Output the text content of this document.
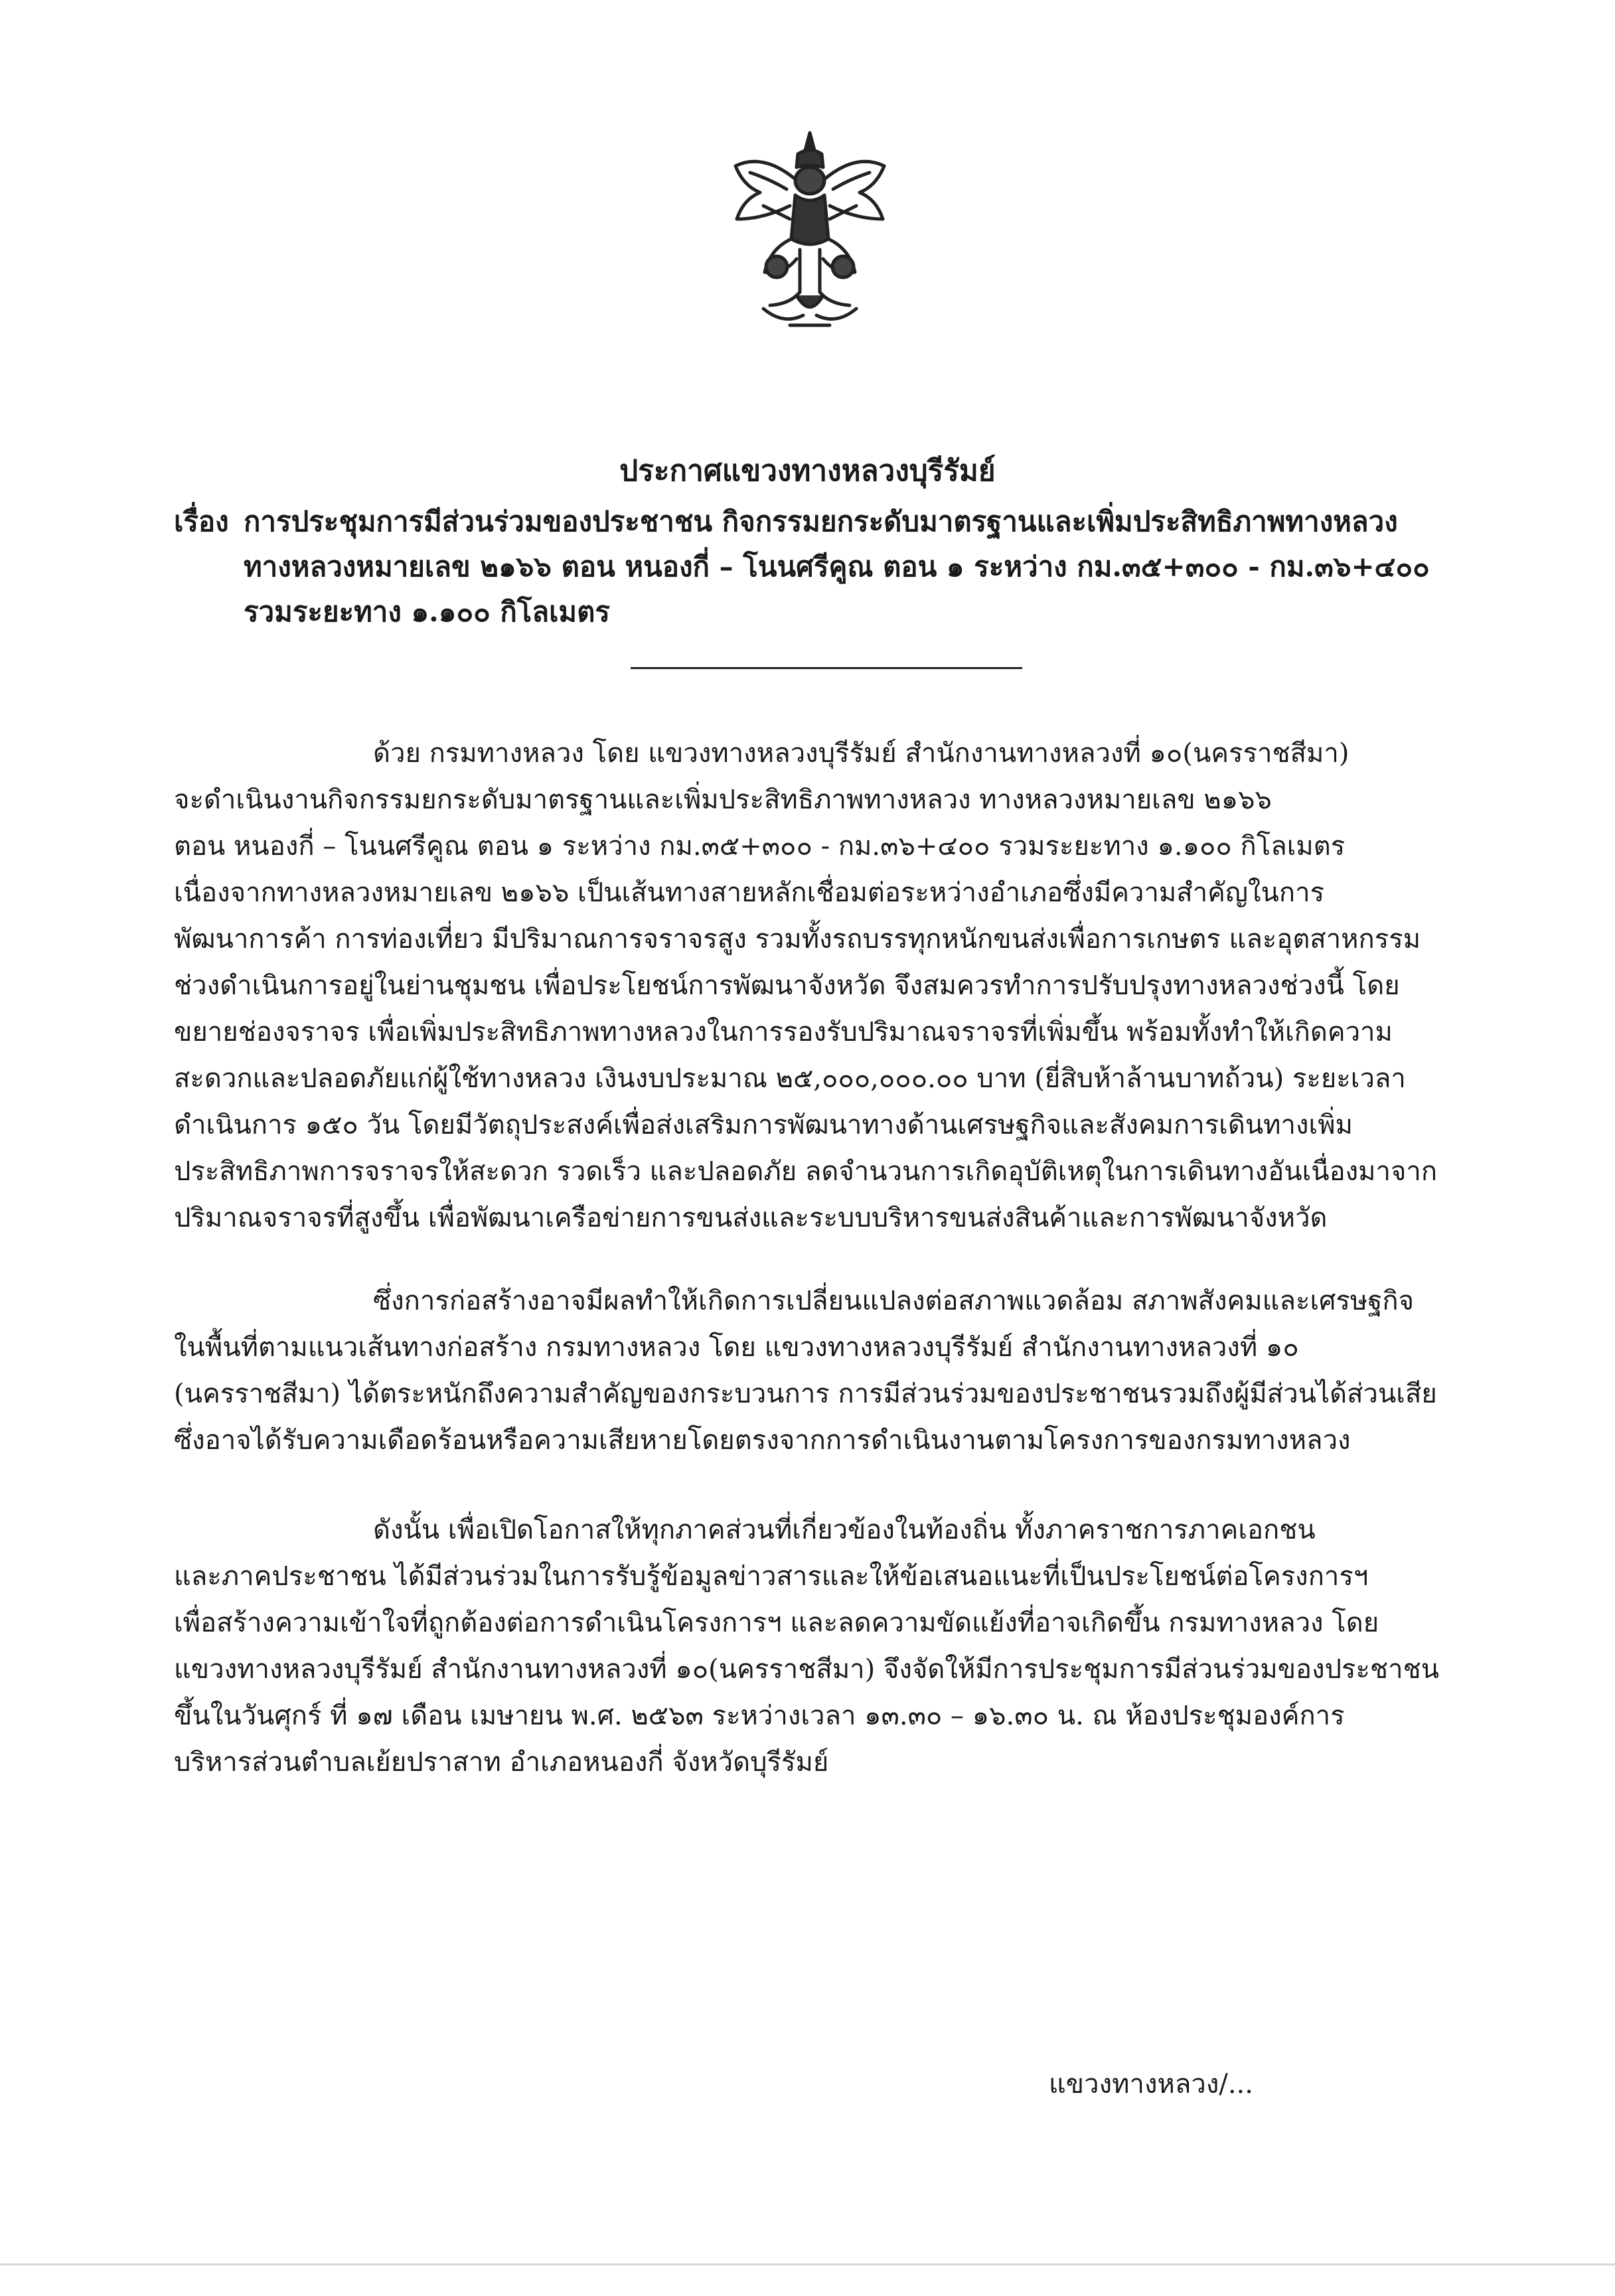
ประกาศแขวงทางหลวงบุรีรัมย์
เรื่อง การประชุมการมีส่วนร่วมของประชาชน กิจกรรมยกระดับมาตรฐานและเพิ่มประสิทธิภาพทางหลวง
ทางหลวงหมายเลข ๒๑๖๖ ตอน หนองกี่ – โนนศรีคูณ ตอน ๑ ระหว่าง กม.๓๕+๓๐๐ - กม.๓๖+๔๐๐
รวมระยะทาง ๑.๑๐๐ กิโลเมตร
ด้วย กรมทางหลวง โดย แขวงทางหลวงบุรีรัมย์ สำนักงานทางหลวงที่ ๑๐(นครราชสีมา)
จะดำเนินงานกิจกรรมยกระดับมาตรฐานและเพิ่มประสิทธิภาพทางหลวง ทางหลวงหมายเลข ๒๑๖๖
ตอน หนองกี่ – โนนศรีคูณ ตอน ๑ ระหว่าง กม.๓๕+๓๐๐ - กม.๓๖+๔๐๐ รวมระยะทาง ๑.๑๐๐ กิโลเมตร
เนื่องจากทางหลวงหมายเลข ๒๑๖๖ เป็นเส้นทางสายหลักเชื่อมต่อระหว่างอำเภอซึ่งมีความสำคัญในการ
พัฒนาการค้า การท่องเที่ยว มีปริมาณการจราจรสูง รวมทั้งรถบรรทุกหนักขนส่งเพื่อการเกษตร และอุตสาหกรรม
ช่วงดำเนินการอยู่ในย่านชุมชน เพื่อประโยชน์การพัฒนาจังหวัด จึงสมควรทำการปรับปรุงทางหลวงช่วงนี้ โดย
ขยายช่องจราจร เพื่อเพิ่มประสิทธิภาพทางหลวงในการรองรับปริมาณจราจรที่เพิ่มขึ้น พร้อมทั้งทำให้เกิดความ
สะดวกและปลอดภัยแก่ผู้ใช้ทางหลวง เงินงบประมาณ ๒๕,๐๐๐,๐๐๐.๐๐ บาท (ยี่สิบห้าล้านบาทถ้วน) ระยะเวลา
ดำเนินการ ๑๕๐ วัน โดยมีวัตถุประสงค์เพื่อส่งเสริมการพัฒนาทางด้านเศรษฐกิจและสังคมการเดินทางเพิ่ม
ประสิทธิภาพการจราจรให้สะดวก รวดเร็ว และปลอดภัย ลดจำนวนการเกิดอุบัติเหตุในการเดินทางอันเนื่องมาจาก
ปริมาณจราจรที่สูงขึ้น เพื่อพัฒนาเครือข่ายการขนส่งและระบบบริหารขนส่งสินค้าและการพัฒนาจังหวัด
ซึ่งการก่อสร้างอาจมีผลทำให้เกิดการเปลี่ยนแปลงต่อสภาพแวดล้อม สภาพสังคมและเศรษฐกิจ
ในพื้นที่ตามแนวเส้นทางก่อสร้าง กรมทางหลวง โดย แขวงทางหลวงบุรีรัมย์ สำนักงานทางหลวงที่ ๑๐
(นครราชสีมา) ได้ตระหนักถึงความสำคัญของกระบวนการ การมีส่วนร่วมของประชาชนรวมถึงผู้มีส่วนได้ส่วนเสีย
ซึ่งอาจได้รับความเดือดร้อนหรือความเสียหายโดยตรงจากการดำเนินงานตามโครงการของกรมทางหลวง
ดังนั้น เพื่อเปิดโอกาสให้ทุกภาคส่วนที่เกี่ยวข้องในท้องถิ่น ทั้งภาคราชการภาคเอกชน
และภาคประชาชน ได้มีส่วนร่วมในการรับรู้ข้อมูลข่าวสารและให้ข้อเสนอแนะที่เป็นประโยชน์ต่อโครงการฯ
เพื่อสร้างความเข้าใจที่ถูกต้องต่อการดำเนินโครงการฯ และลดความขัดแย้งที่อาจเกิดขึ้น กรมทางหลวง โดย
แขวงทางหลวงบุรีรัมย์ สำนักงานทางหลวงที่ ๑๐(นครราชสีมา) จึงจัดให้มีการประชุมการมีส่วนร่วมของประชาชน
ขึ้นในวันศุกร์ ที่ ๑๗ เดือน เมษายน พ.ศ. ๒๕๖๓ ระหว่างเวลา ๑๓.๓๐ – ๑๖.๓๐ น. ณ ห้องประชุมองค์การ
บริหารส่วนตำบลเย้ยปราสาท อำเภอหนองกี่ จังหวัดบุรีรัมย์
แขวงทางหลวง/...
